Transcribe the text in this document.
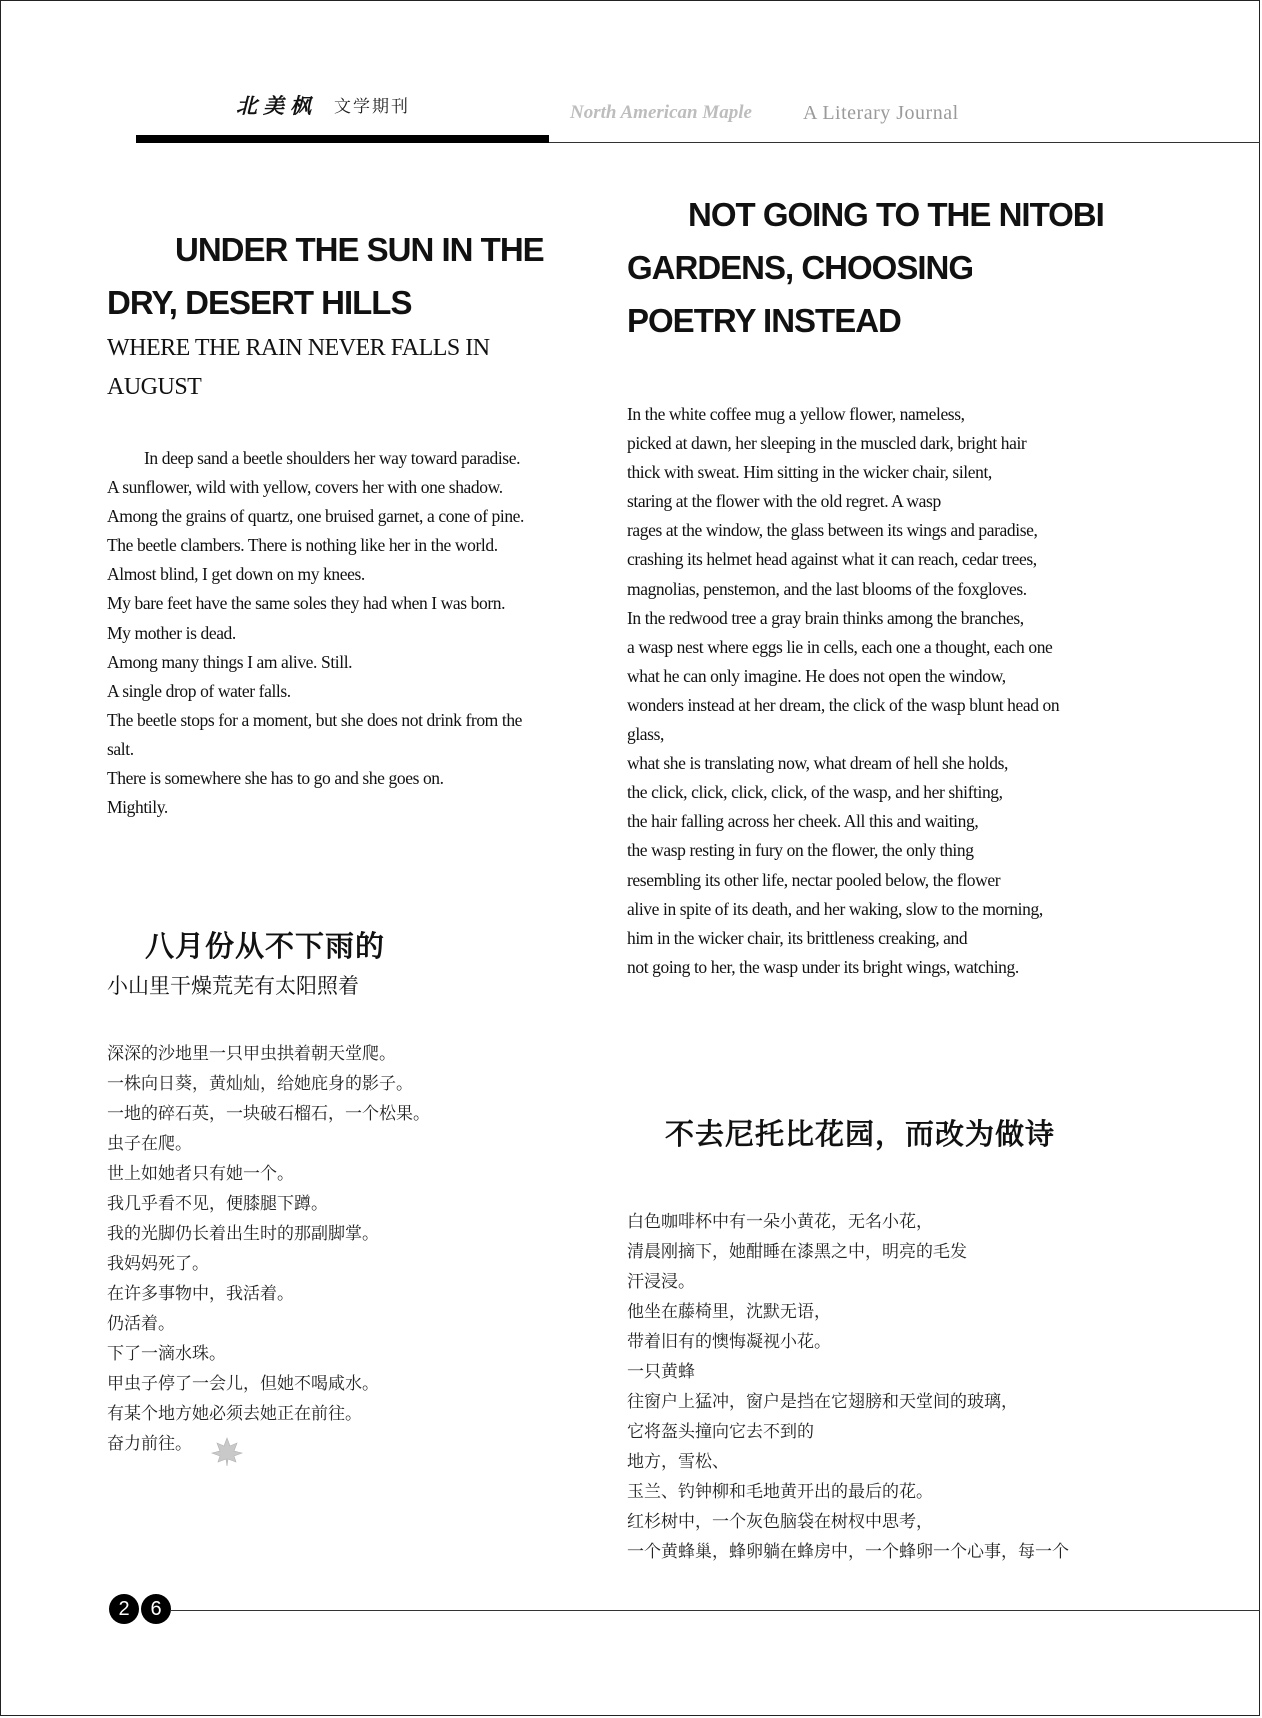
北美枫 文学期刊	North American Maple	A Literary Journal
UNDER THE SUN IN THE
DRY, DESERT HILLS
WHERE THE RAIN NEVER FALLS IN
AUGUST
In deep sand a beetle shoulders her way toward paradise.
A sunflower, wild with yellow, covers her with one shadow.
Among the grains of quartz, one bruised garnet, a cone of pine.
The beetle clambers. There is nothing like her in the world.
Almost blind, I get down on my knees.
My bare feet have the same soles they had when I was born.
My mother is dead.
Among many things I am alive. Still.
A single drop of water falls.
The beetle stops for a moment, but she does not drink from the
salt.
There is somewhere she has to go and she goes on.
Mightily.
八月份从不下雨的
小山里干燥荒芜有太阳照着
深深的沙地里一只甲虫拱着朝天堂爬。
一株向日葵，黄灿灿，给她庇身的影子。
一地的碎石英，一块破石榴石，一个松果。
虫子在爬。
世上如她者只有她一个。
我几乎看不见，便膝腿下蹲。
我的光脚仍长着出生时的那副脚掌。
我妈妈死了。
在许多事物中，我活着。
仍活着。
下了一滴水珠。
甲虫子停了一会儿，但她不喝咸水。
有某个地方她必须去她正在前往。
奋力前往。
NOT GOING TO THE NITOBI
GARDENS, CHOOSING
POETRY INSTEAD
In the white coffee mug a yellow flower, nameless,
picked at dawn, her sleeping in the muscled dark, bright hair
thick with sweat. Him sitting in the wicker chair, silent,
staring at the flower with the old regret. A wasp
rages at the window, the glass between its wings and paradise,
crashing its helmet head against what it can reach, cedar trees,
magnolias, penstemon, and the last blooms of the foxgloves.
In the redwood tree a gray brain thinks among the branches,
a wasp nest where eggs lie in cells, each one a thought, each one
what he can only imagine. He does not open the window,
wonders instead at her dream, the click of the wasp blunt head on
glass,
what she is translating now, what dream of hell she holds,
the click, click, click, click, of the wasp, and her shifting,
the hair falling across her cheek. All this and waiting,
the wasp resting in fury on the flower, the only thing
resembling its other life, nectar pooled below, the flower
alive in spite of its death, and her waking, slow to the morning,
him in the wicker chair, its brittleness creaking, and
not going to her, the wasp under its bright wings, watching.
不去尼托比花园，而改为做诗
白色咖啡杯中有一朵小黄花，无名小花，
清晨刚摘下，她酣睡在漆黑之中，明亮的毛发
汗浸浸。
他坐在藤椅里，沈默无语，
带着旧有的懊悔凝视小花。
一只黄蜂
往窗户上猛冲，窗户是挡在它翅膀和天堂间的玻璃，
它将盔头撞向它去不到的
地方，雪松、
玉兰、钓钟柳和毛地黄开出的最后的花。
红杉树中，一个灰色脑袋在树杈中思考，
一个黄蜂巢，蜂卵躺在蜂房中，一个蜂卵一个心事，每一个
2	6
